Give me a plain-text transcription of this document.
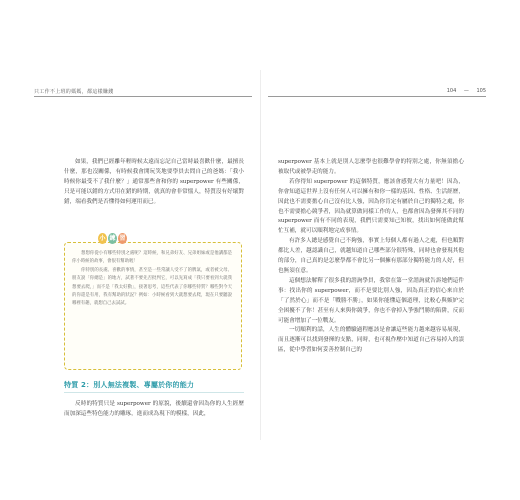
只工作不上班的媽媽，都這樣賺錢	104 — 105

如果，我們已經離年輕時候太遠而忘記自己當時最喜歡什麼，最擅長什麼，那也沒關係，有時候我會開玩笑地要學員去問自己的爸媽：「我小時候你最受不了我什麼？」通常那些會和你的 superpower 有些關係，只是可能以錯的方式用在錯的時期，就真的會非常惱人，特質沒有好壞對錯，端看我們是否懂得如何運用而已。

小 練 習

想想你從小有哪些特別之處呢？這時候，和兄弟好友、兄弟姐妹或是他講都是你小時候的故事，會很有幫助喔！

你特別的長處、喜歡的事情，甚至是一些常讓人受不了的脾氣，或者被父母、朋友說「你總是」的地方，試著不要先否批判它，可以先寫成「我只要看到大就我想要去爬，」而不是「我太好動」，接著思考，這些代表了你哪些特質？哪些對今天的你還是有用，我有幫助的狀況？例如：小時候看到大就想要去爬，現在只要聽說哪裡有趣，就想自己去試試。

特質 2：別人無法複製、專屬於你的能力

反時的特質只是 superpower 的原貌，後續還會因為你的人生經歷而加深這些特色能力的雕琢，進而成為現下的模樣，因此，

superpower 基本上就是別人怎麼學也很難學會的特別之處，你無須擔心被取代或被學走的能力。

若你得知 superpower 的這個特質，應該會感覺大有力量吧！因為，你會知道這世界上沒有任何人可以擁有和你一樣的基因、性格、生活經歷，因此也不需要擔心自己沒有比人強，因為你肯定有屬於自己的獨特之處，你也不需要擔心競爭者，因為就算做同樣工作的人，也都會因為發揮其不同的 superpower 而有不同的表現，我們只需要知己知彼，找出如何能做此幫忙互補，就可以順利地完成事情。

有許多人總是感覺自己不夠強，事實上每個人都有過人之處，但也順對都比人差，越認識自己，就越知道自己哪些部分很特殊，同時也會發現其他的部分，自己真的是怎麼學都不會比另一個擁有那部分獨特能力的人好，但也無須在意。

這個想法解釋了很多我的諮詢學員，我常在第一堂諮詢就告訴她們這件事：找出你的 superpower，而不是要比別人強，因為真正的信心來自於「了然於心」而不是「戰勝不勝」，如果你能懂這個道理，比較心與嫉妒完全困擾不了你！甚至有人來與你競爭，你也不會掉入爭強鬥勝的陷阱，反而可能會增加了一位戰友。

一切順利的話，人生的體驗過程應該是會讓這些能力越來越容易展現，而且逐漸可以找到發揮的支點，同時，也可視作壓中知道自己容易掉入的誤區，從中學習如何妥善控制自己的
